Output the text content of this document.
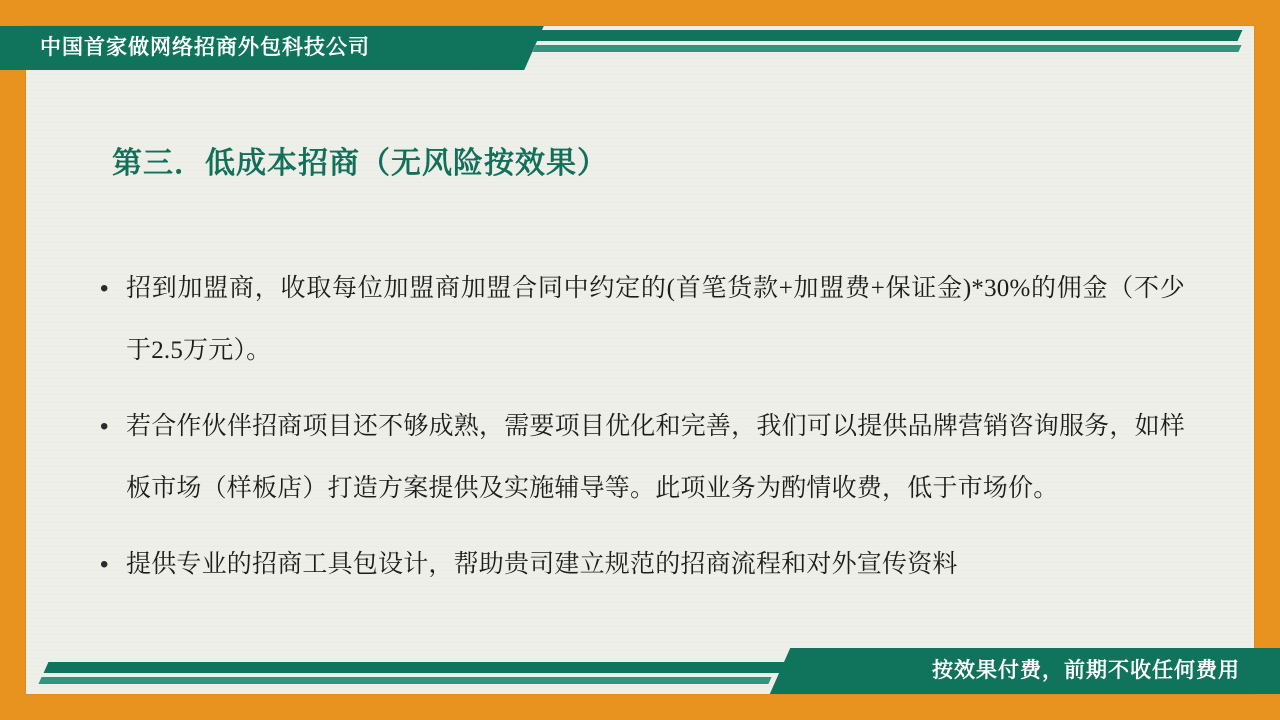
中国首家做网络招商外包科技公司
第三．低成本招商（无风险按效果）
• 招到加盟商，收取每位加盟商加盟合同中约定的(首笔货款+加盟费+保证金)*30%的佣金（不少于2.5万元）。
• 若合作伙伴招商项目还不够成熟，需要项目优化和完善，我们可以提供品牌营销咨询服务，如样板市场（样板店）打造方案提供及实施辅导等。此项业务为酌情收费，低于市场价。
• 提供专业的招商工具包设计，帮助贵司建立规范的招商流程和对外宣传资料
按效果付费，前期不收任何费用
